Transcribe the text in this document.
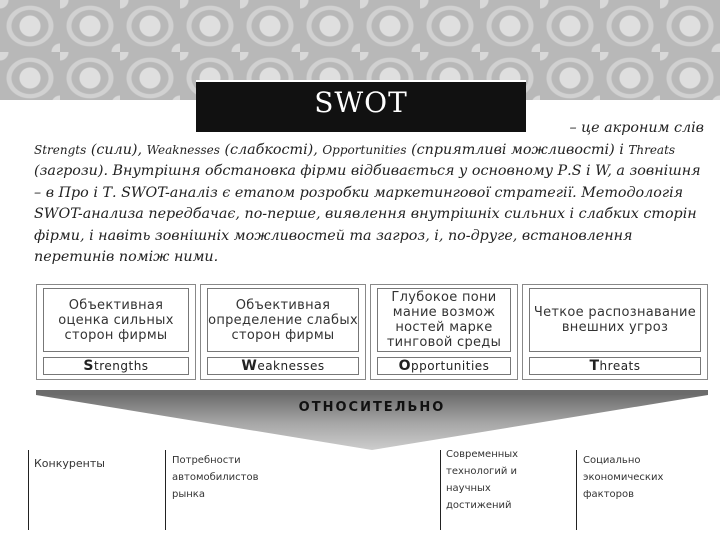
SWOT
– це акроним слів
Strengts (сили), Weaknesses (слабкості), Opportunities (сприятливі можливості) і Threats (загрози). Внутрішня обстановка фірми відбивається у основному Р.S і W, а зовнішня – в Про і Т. SWOT-аналіз є етапом розробки маркетингової стратегії. Методологія SWOT-анализа передбачає, по-перше, виявлення внутрішніх сильних і слабких сторін фірми, і навіть зовнішніх можливостей та загроз, і, по-друге, встановлення перетинів поміж ними.
Объективная оценка сильных сторон фирмы
Strengths
Объективная определение слабых сторон фирмы
Weaknesses
Глубокое пони мание возмож ностей марке тинговой среды
Opportunities
Четкое распознавание внешних угроз
Threats
ОТНОСИТЕЛЬНО
Конкуренты	Потребности автомобилистов рынка
Современных технологий и научных достижений
Социально экономических факторов
